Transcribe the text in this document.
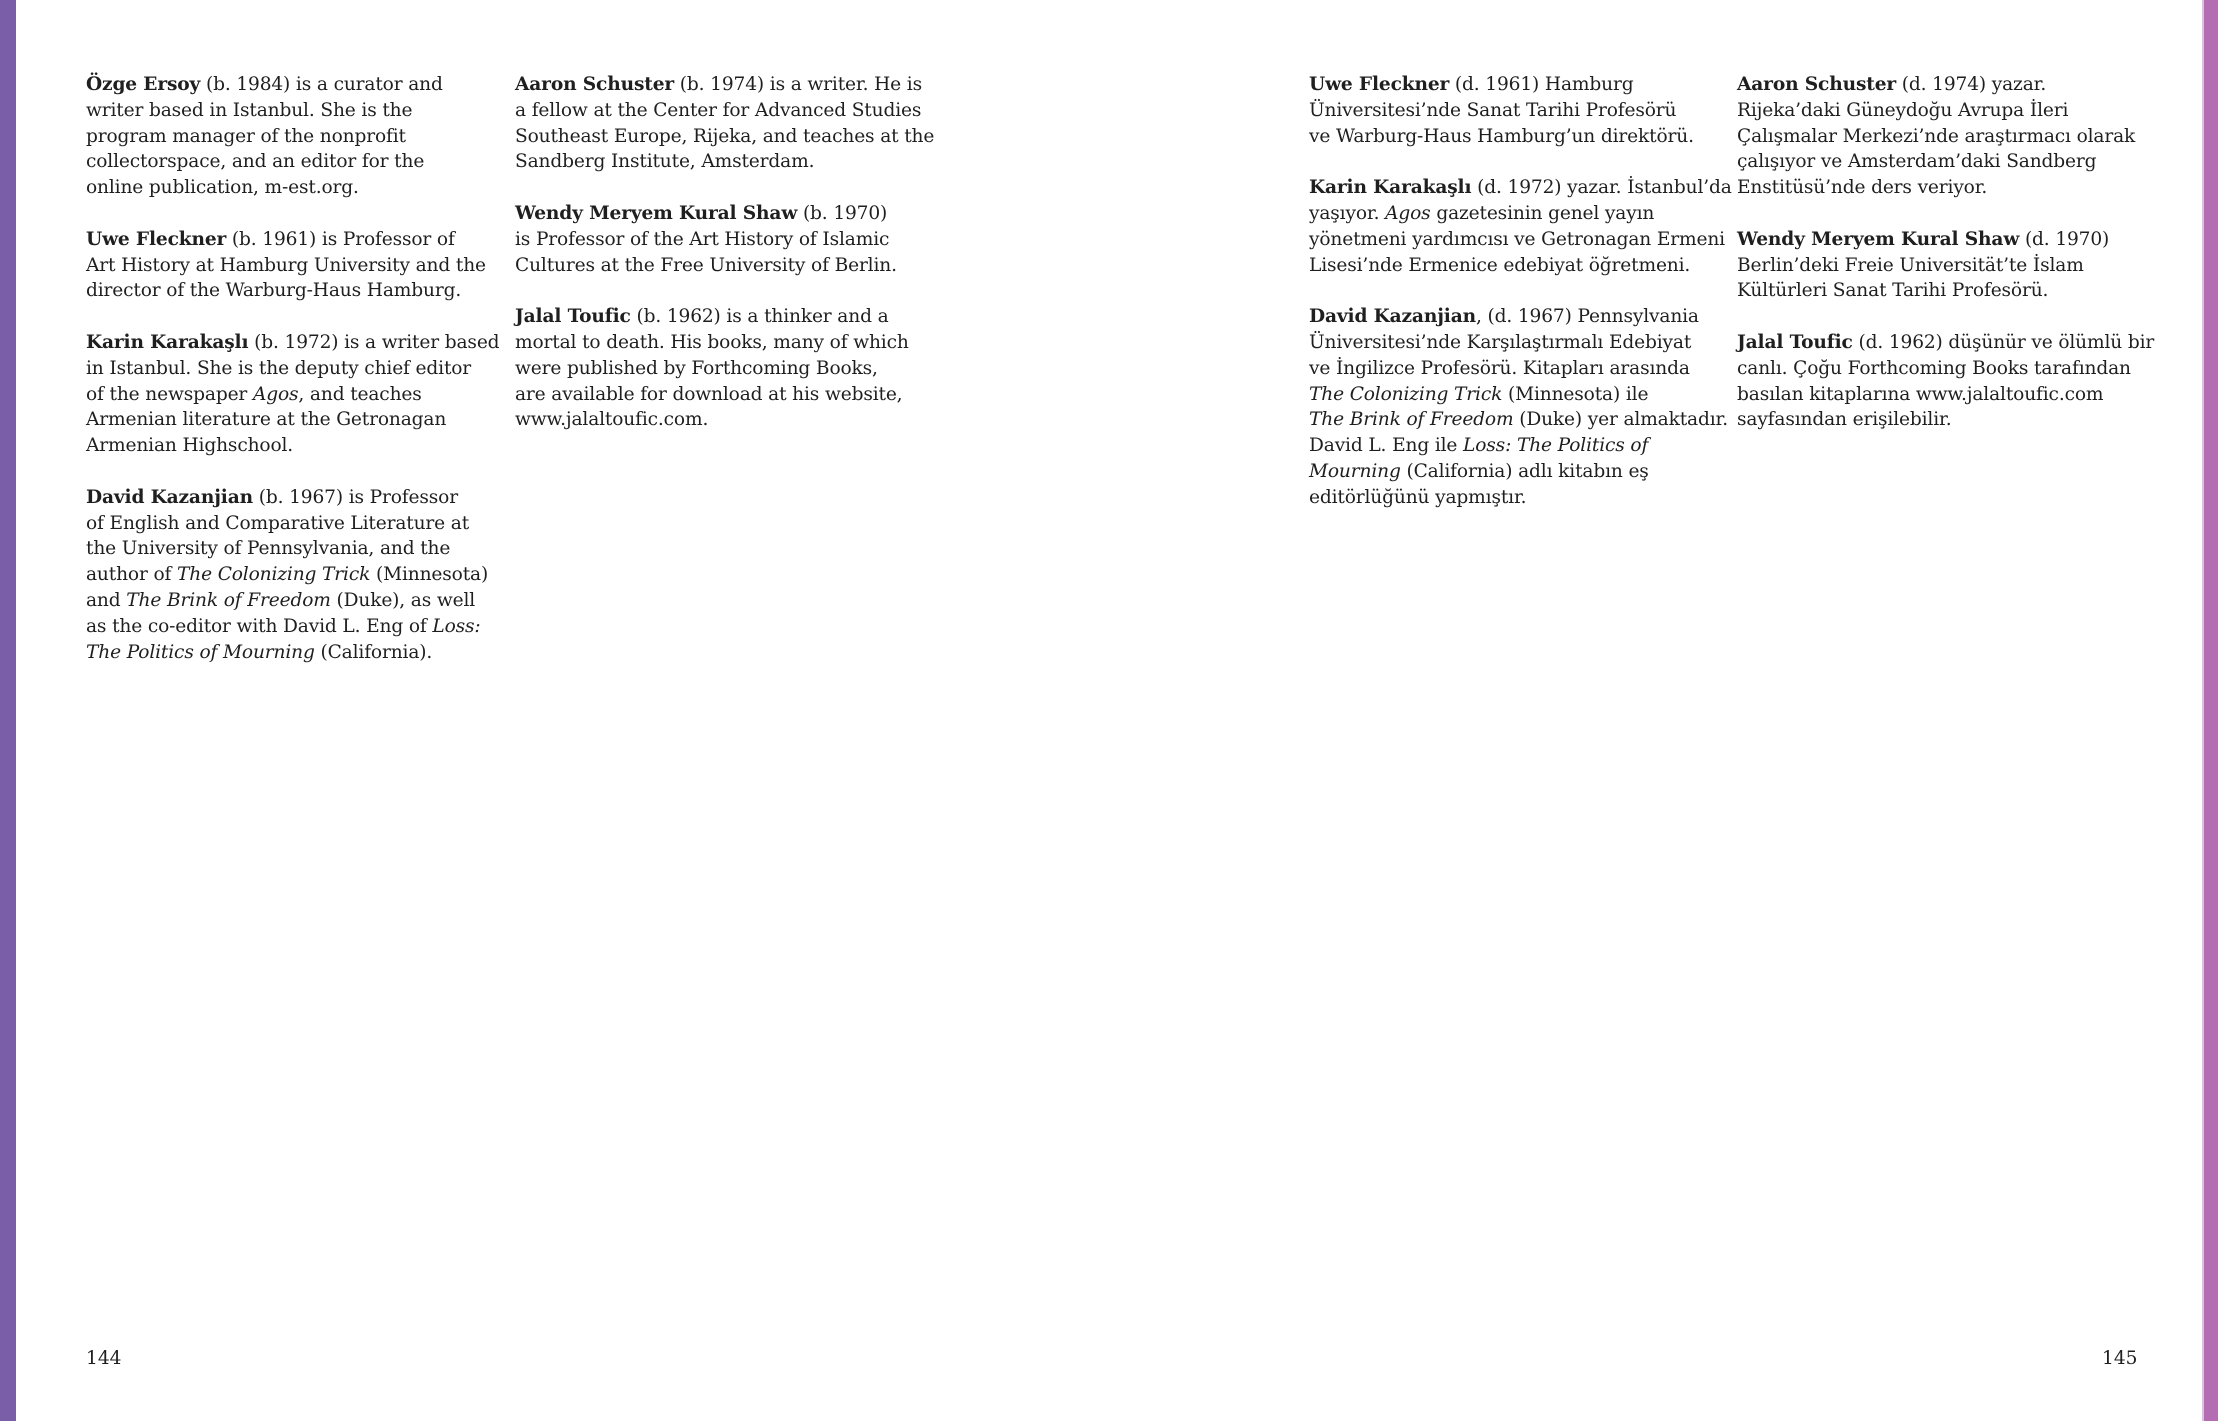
Özge Ersoy (b. 1984) is a curator and
writer based in Istanbul. She is the
program manager of the nonprofit
collectorspace, and an editor for the
online publication, m-est.org.

Uwe Fleckner (b. 1961) is Professor of
Art History at Hamburg University and the
director of the Warburg-Haus Hamburg.

Karin Karakaşlı (b. 1972) is a writer based
in Istanbul. She is the deputy chief editor
of the newspaper Agos, and teaches
Armenian literature at the Getronagan
Armenian Highschool.

David Kazanjian (b. 1967) is Professor
of English and Comparative Literature at
the University of Pennsylvania, and the
author of The Colonizing Trick (Minnesota)
and The Brink of Freedom (Duke), as well
as the co-editor with David L. Eng of Loss:
The Politics of Mourning (California).

Aaron Schuster (b. 1974) is a writer. He is
a fellow at the Center for Advanced Studies
Southeast Europe, Rijeka, and teaches at the
Sandberg Institute, Amsterdam.

Wendy Meryem Kural Shaw (b. 1970)
is Professor of the Art History of Islamic
Cultures at the Free University of Berlin.

Jalal Toufic (b. 1962) is a thinker and a
mortal to death. His books, many of which
were published by Forthcoming Books,
are available for download at his website,
www.jalaltoufic.com.

Uwe Fleckner (d. 1961) Hamburg
Üniversitesi’nde Sanat Tarihi Profesörü
ve Warburg-Haus Hamburg’un direktörü.

Karin Karakaşlı (d. 1972) yazar. İstanbul’da
yaşıyor. Agos gazetesinin genel yayın
yönetmeni yardımcısı ve Getronagan Ermeni
Lisesi’nde Ermenice edebiyat öğretmeni.

David Kazanjian, (d. 1967) Pennsylvania
Üniversitesi’nde Karşılaştırmalı Edebiyat
ve İngilizce Profesörü. Kitapları arasında
The Colonizing Trick (Minnesota) ile
The Brink of Freedom (Duke) yer almaktadır.
David L. Eng ile Loss: The Politics of
Mourning (California) adlı kitabın eş
editörlüğünü yapmıştır.

Aaron Schuster (d. 1974) yazar.
Rijeka’daki Güneydoğu Avrupa İleri
Çalışmalar Merkezi’nde araştırmacı olarak
çalışıyor ve Amsterdam’daki Sandberg
Enstitüsü’nde ders veriyor.

Wendy Meryem Kural Shaw (d. 1970)
Berlin’deki Freie Universität’te İslam
Kültürleri Sanat Tarihi Profesörü.

Jalal Toufic (d. 1962) düşünür ve ölümlü bir
canlı. Çoğu Forthcoming Books tarafından
basılan kitaplarına www.jalaltoufic.com
sayfasından erişilebilir.

144	145
